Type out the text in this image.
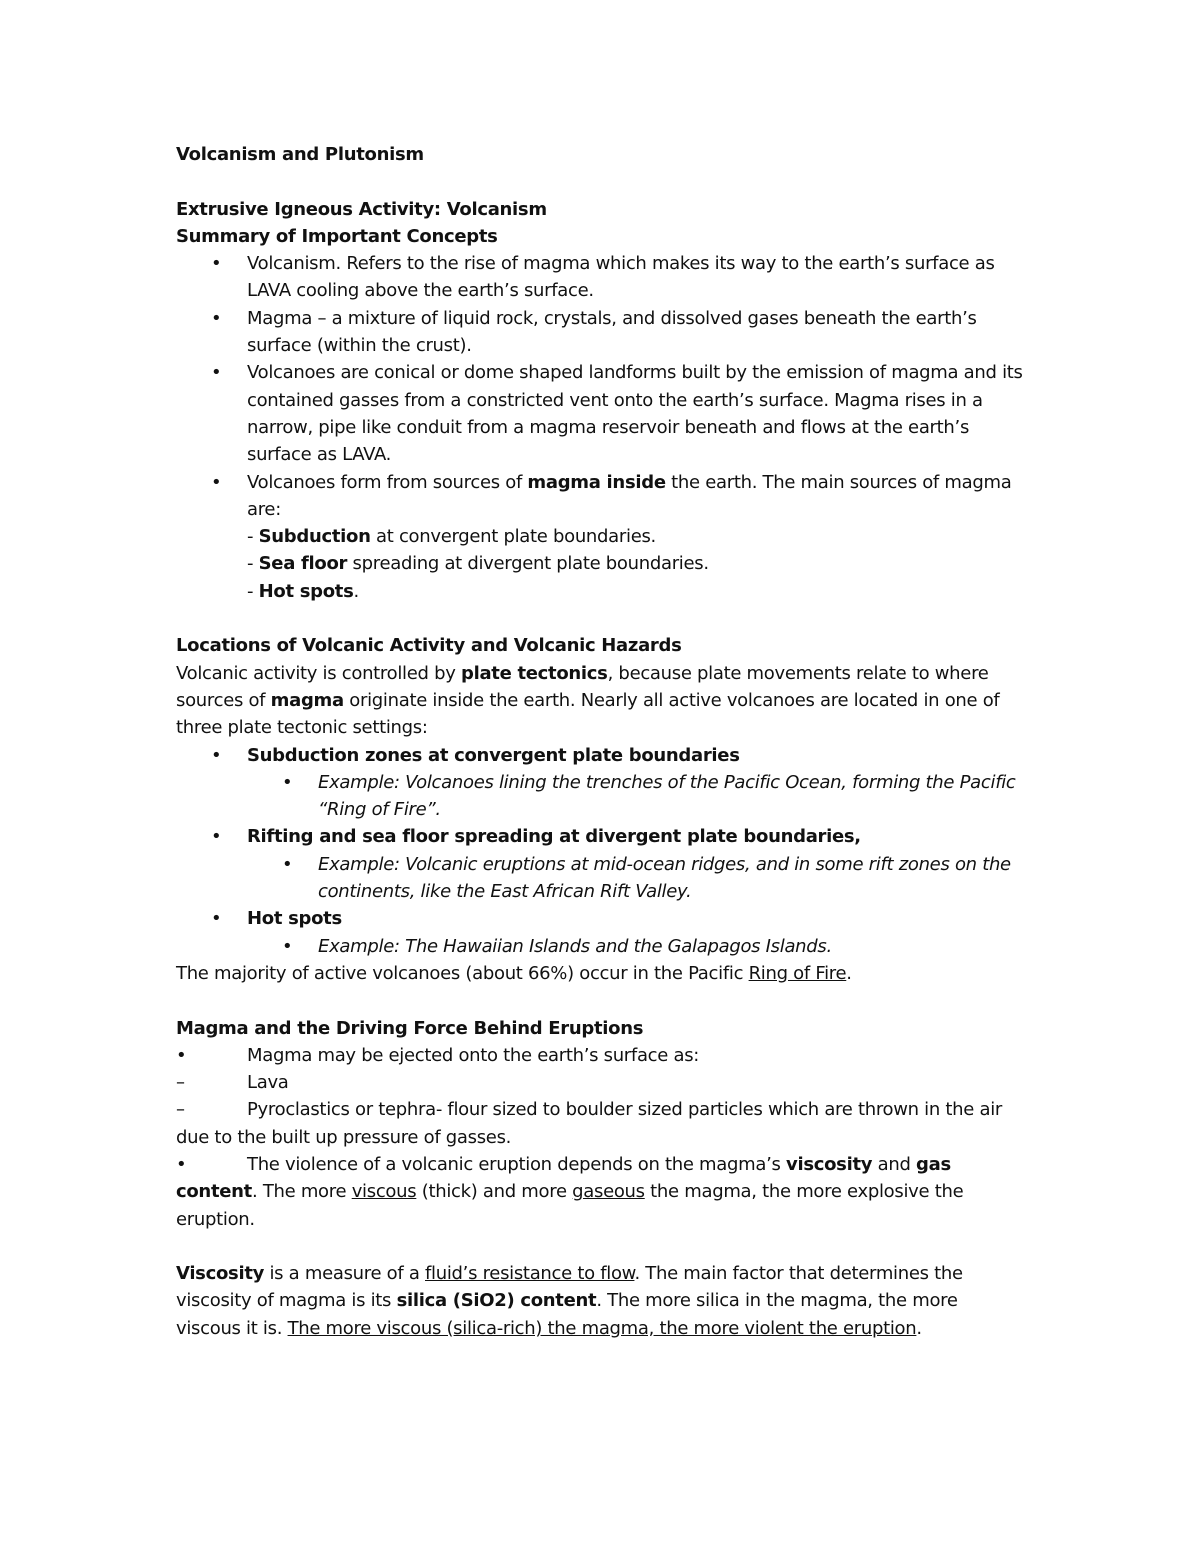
Volcanism and Plutonism

Extrusive Igneous Activity: Volcanism

Summary of Important Concepts

• Volcanism. Refers to the rise of magma which makes its way to the earth’s surface as LAVA cooling above the earth’s surface.
• Magma – a mixture of liquid rock, crystals, and dissolved gases beneath the earth’s surface (within the crust).
• Volcanoes are conical or dome shaped landforms built by the emission of magma and its contained gasses from a constricted vent onto the earth’s surface. Magma rises in a narrow, pipe like conduit from a magma reservoir beneath and flows at the earth’s surface as LAVA.
• Volcanoes form from sources of magma inside the earth. The main sources of magma are:
- Subduction at convergent plate boundaries.
- Sea floor spreading at divergent plate boundaries.
- Hot spots.

Locations of Volcanic Activity and Volcanic Hazards

Volcanic activity is controlled by plate tectonics, because plate movements relate to where sources of magma originate inside the earth. Nearly all active volcanoes are located in one of three plate tectonic settings:

• Subduction zones at convergent plate boundaries
• Example: Volcanoes lining the trenches of the Pacific Ocean, forming the Pacific “Ring of Fire”.
• Rifting and sea floor spreading at divergent plate boundaries,
• Example: Volcanic eruptions at mid-ocean ridges, and in some rift zones on the continents, like the East African Rift Valley.
• Hot spots
• Example: The Hawaiian Islands and the Galapagos Islands.

The majority of active volcanoes (about 66%) occur in the Pacific Ring of Fire.

Magma and the Driving Force Behind Eruptions

•	Magma may be ejected onto the earth’s surface as:

–	Lava

–	Pyroclastics or tephra- flour sized to boulder sized particles which are thrown in the air due to the built up pressure of gasses.

•	The violence of a volcanic eruption depends on the magma’s viscosity and gas content. The more viscous (thick) and more gaseous the magma, the more explosive the eruption.

Viscosity is a measure of a fluid’s resistance to flow. The main factor that determines the viscosity of magma is its silica (SiO2) content. The more silica in the magma, the more viscous it is. The more viscous (silica-rich) the magma, the more violent the eruption.
